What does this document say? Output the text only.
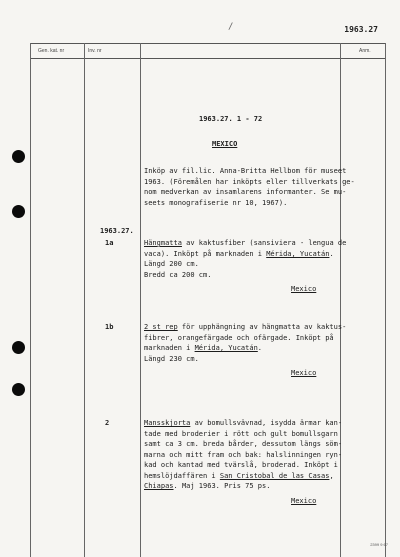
/	1963.27
Gen. kat. nr	Inv. nr	Anm.
1963.27. 1 - 72
MEXICO
Inköp av fil.lic. Anna-Britta Hellbom för museet
1963. (Föremålen har inköpts eller tillverkats ge-
nom medverkan av insamlarens informanter. Se mu-
seets monografiserie nr 10, 1967).
1963.27.
1a	Hängmatta av kaktusfiber (sansiviera - lengua de
vaca). Inköpt på marknaden i Mérida, Yucatán.
Längd 200 cm.
Bredd ca 200 cm.
Mexico
1b	2 st rep för upphängning av hängmatta av kaktus-
fibrer, orangefärgade och ofärgade. Inköpt på
marknaden i Mérida, Yucatán.
Längd 230 cm.
Mexico
2	Mansskjorta av bomullsvävnad, isydda ärmar kan-
tade med broderier i rött och gult bomullsgarn
samt ca 3 cm. breda bårder, dessutom längs söm-
marna och mitt fram och bak: halslinningen ryn-
kad och kantad med tvärslå, broderad. Inköpt i
hemslöjdaffären i San Cristobal de las Casas,
Chiapas. Maj 1963. Pris 75 ps.
Mexico
2399 9 67
